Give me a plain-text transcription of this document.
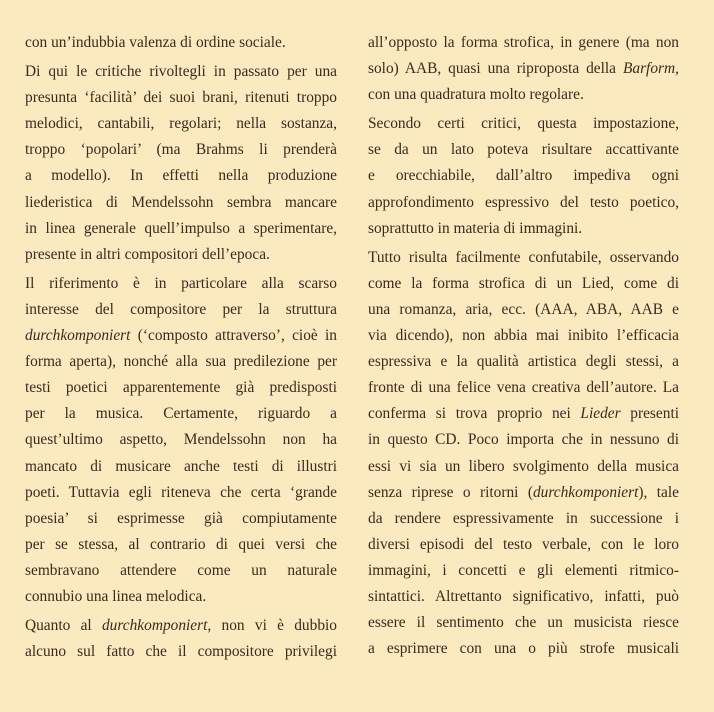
con un’indubbia valenza di ordine sociale.
Di qui le critiche rivoltegli in passato per una
presunta ‘facilità’ dei suoi brani, ritenuti troppo
melodici, cantabili, regolari; nella sostanza,
troppo ‘popolari’ (ma Brahms li prenderà
a modello). In effetti nella produzione
liederistica di Mendelssohn sembra mancare
in linea generale quell’impulso a sperimentare,
presente in altri compositori dell’epoca.
Il riferimento è in particolare alla scarso
interesse del compositore per la struttura
durchkomponiert (‘composto attraverso’, cioè in
forma aperta), nonché alla sua predilezione per
testi poetici apparentemente già predisposti
per la musica. Certamente, riguardo a
quest’ultimo aspetto, Mendelssohn non ha
mancato di musicare anche testi di illustri
poeti. Tuttavia egli riteneva che certa ‘grande
poesia’ si esprimesse già compiutamente
per se stessa, al contrario di quei versi che
sembravano attendere come un naturale
connubio una linea melodica.
Quanto al durchkomponiert, non vi è dubbio
alcuno sul fatto che il compositore privilegi
all’opposto la forma strofica, in genere (ma non
solo) AAB, quasi una riproposta della Barform,
con una quadratura molto regolare.
Secondo certi critici, questa impostazione,
se da un lato poteva risultare accattivante
e orecchiabile, dall’altro impediva ogni
approfondimento espressivo del testo poetico,
soprattutto in materia di immagini.
Tutto risulta facilmente confutabile, osservando
come la forma strofica di un Lied, come di
una romanza, aria, ecc. (AAA, ABA, AAB e
via dicendo), non abbia mai inibito l’efficacia
espressiva e la qualità artistica degli stessi, a
fronte di una felice vena creativa dell’autore. La
conferma si trova proprio nei Lieder presenti
in questo CD. Poco importa che in nessuno di
essi vi sia un libero svolgimento della musica
senza riprese o ritorni (durchkomponiert), tale
da rendere espressivamente in successione i
diversi episodi del testo verbale, con le loro
immagini, i concetti e gli elementi ritmico-
sintattici. Altrettanto significativo, infatti, può
essere il sentimento che un musicista riesce
a esprimere con una o più strofe musicali
